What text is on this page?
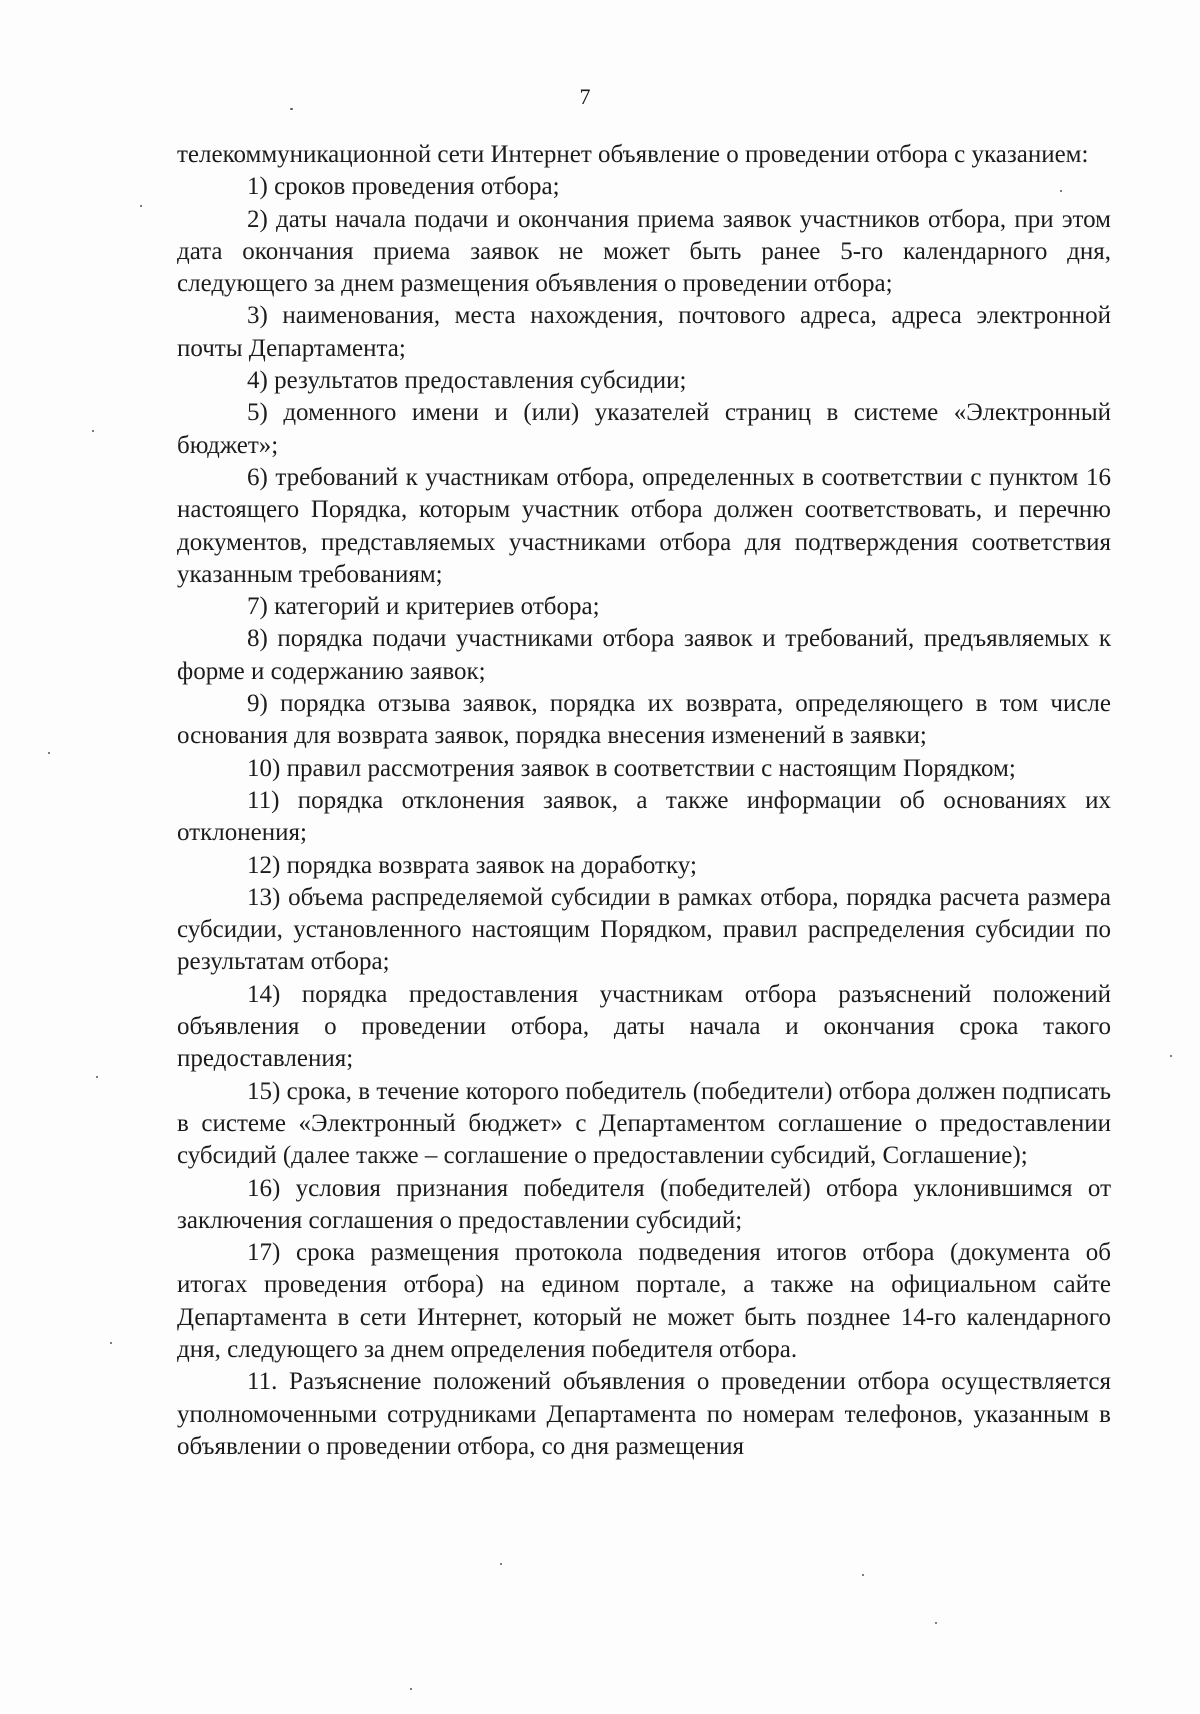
7

телекоммуникационной сети Интернет объявление о проведении отбора с указанием:

1) сроков проведения отбора;

2) даты начала подачи и окончания приема заявок участников отбора, при этом дата окончания приема заявок не может быть ранее 5-го календарного дня, следующего за днем размещения объявления о проведении отбора;

3) наименования, места нахождения, почтового адреса, адреса электронной почты Департамента;

4) результатов предоставления субсидии;

5) доменного имени и (или) указателей страниц в системе «Электронный бюджет»;

6) требований к участникам отбора, определенных в соответствии с пунктом 16 настоящего Порядка, которым участник отбора должен соответствовать, и перечню документов, представляемых участниками отбора для подтверждения соответствия указанным требованиям;

7) категорий и критериев отбора;

8) порядка подачи участниками отбора заявок и требований, предъявляемых к форме и содержанию заявок;

9) порядка отзыва заявок, порядка их возврата, определяющего в том числе основания для возврата заявок, порядка внесения изменений в заявки;

10) правил рассмотрения заявок в соответствии с настоящим Порядком;

11) порядка отклонения заявок, а также информации об основаниях их отклонения;

12) порядка возврата заявок на доработку;

13) объема распределяемой субсидии в рамках отбора, порядка расчета размера субсидии, установленного настоящим Порядком, правил распределения субсидии по результатам отбора;

14) порядка предоставления участникам отбора разъяснений положений объявления о проведении отбора, даты начала и окончания срока такого предоставления;

15) срока, в течение которого победитель (победители) отбора должен подписать в системе «Электронный бюджет» с Департаментом соглашение о предоставлении субсидий (далее также – соглашение о предоставлении субсидий, Соглашение);

16) условия признания победителя (победителей) отбора уклонившимся от заключения соглашения о предоставлении субсидий;

17) срока размещения протокола подведения итогов отбора (документа об итогах проведения отбора) на едином портале, а также на официальном сайте Департамента в сети Интернет, который не может быть позднее 14-го календарного дня, следующего за днем определения победителя отбора.

11. Разъяснение положений объявления о проведении отбора осуществляется уполномоченными сотрудниками Департамента по номерам телефонов, указанным в объявлении о проведении отбора, со дня размещения
